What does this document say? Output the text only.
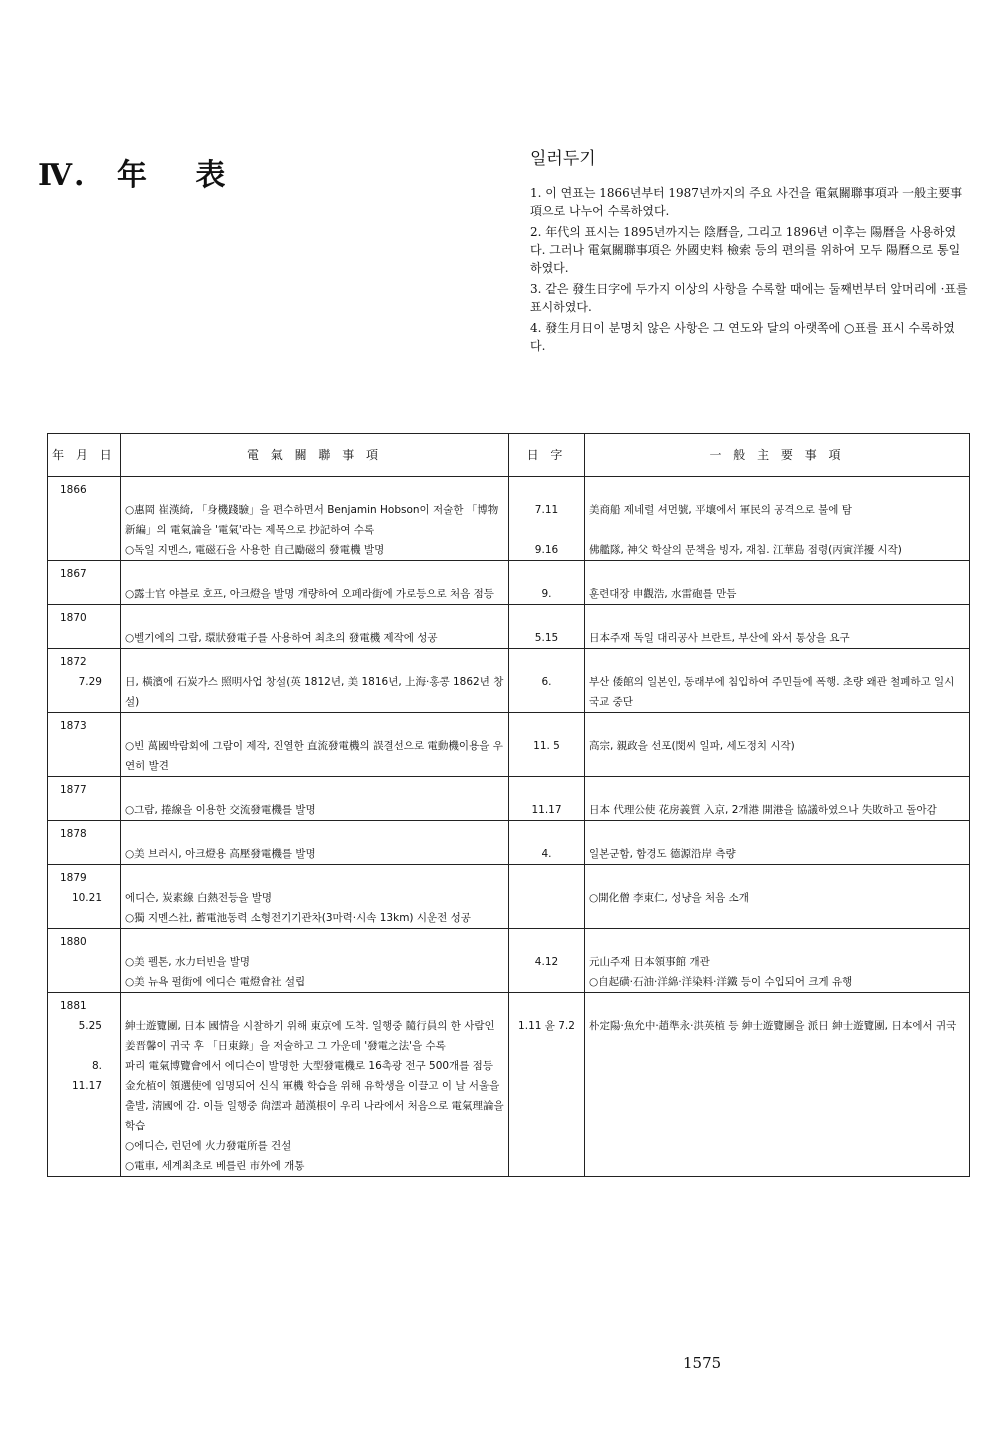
Ⅳ. 年 表	일러두기
1. 이 연표는 1866년부터 1987년까지의 주요 사건을 電氣關聯事項과 一般主要事項으로 나누어 수록하였다.
2. 年代의 표시는 1895년까지는 陰曆을, 그리고 1896년 이후는 陽曆을 사용하였다. 그러나 電氣關聯事項은 外國史料 檢索 등의 편의를 위하여 모두 陽曆으로 통일하였다.
3. 같은 發生日字에 두가지 이상의 사항을 수록할 때에는 둘째번부터 앞머리에 ·표를 표시하였다.
4. 發生月日이 분명치 않은 사항은 그 연도와 달의 아랫쪽에 ○표를 표시 수록하였다.
年 月 日	電 氣 關 聯 事 項	日 字	一 般 主 要 事 項
1866			
	○惠岡 崔漢綺, 「身機踐驗」을 편수하면서 Benjamin Hobson이 저술한 「博物新編」의 電氣論을 '電氣'라는 제목으로 抄記하여 수록	7.11	美商船 제네럴 셔먼號, 平壤에서 軍民의 공격으로 불에 탐
	○독일 지멘스, 電磁石을 사용한 自己勵磁의 發電機 발명	9.16	佛艦隊, 神父 학살의 문책을 빙자, 재침. 江華島 점령(丙寅洋擾 시작)
1867			
	○露士官 야블로 호프, 아크燈을 발명 개량하여 오페라街에 가로등으로 처음 점등	9.	훈련대장 申觀浩, 水雷砲를 만듬
1870			
	○벨기에의 그람, 環狀發電子를 사용하여 최초의 發電機 제작에 성공	5.15	日本주재 독일 대리공사 브란트, 부산에 와서 통상을 요구
1872			
7.29	日, 橫濱에 石炭가스 照明사업 창설(英 1812년, 美 1816년, 上海·홍콩 1862년 창설)	6.	부산 倭館의 일본인, 동래부에 침입하여 주민들에 폭행. 초량 왜관 철폐하고 일시 국교 중단
1873			
	○빈 萬國박람회에 그람이 제작, 진열한 直流發電機의 誤결선으로 電動機이용을 우연히 발견	11. 5	高宗, 親政을 선포(閔씨 일파, 세도정치 시작)
1877			
	○그람, 捲線을 이용한 交流發電機를 발명	11.17	日本 代理公使 花房義質 入京, 2개港 開港을 協議하였으나 失敗하고 돌아감
1878			
	○美 브러시, 아크燈용 高壓發電機를 발명	4.	일본군함, 함경도 德源沿岸 측량
1879			
10.21	에디슨, 炭素線 白熱전등을 발명		○開化僧 李東仁, 성냥을 처음 소개
	○獨 지멘스社, 蓄電池동력 소형전기기관차(3마력·시속 13km) 시운전 성공		
1880			
	○美 펠톤, 水力터빈을 발명	4.12	元山주재 日本領事館 개관
	○美 뉴욕 펄街에 에디슨 電燈會社 설립		○自起磺·石油·洋綿·洋染料·洋鐵 등이 수입되어 크게 유행
1881			
5.25	紳士遊覽團, 日本 國情을 시찰하기 위해 東京에 도착. 일행중 隨行員의 한 사람인 姜晋馨이 귀국 후 「日東錄」을 저술하고 그 가운데 '發電之法'을 수록	1.11 윤 7.2	朴定陽·魚允中·趙準永·洪英植 등 紳士遊覽團을 派日 紳士遊覽團, 日本에서 귀국
8.	파리 電氣博覽會에서 에디슨이 발명한 大型發電機로 16촉광 전구 500개를 점등		
11.17	金允植이 領選使에 임명되어 신식 軍機 학습을 위해 유학생을 이끌고 이 날 서울을 출발, 淸國에 감. 이들 일행중 尙澐과 趙漢根이 우리 나라에서 처음으로 電氣理論을 학습		
	○에디슨, 런던에 火力發電所를 건설		
	○電車, 세계최초로 베를린 市外에 개통		
1575
